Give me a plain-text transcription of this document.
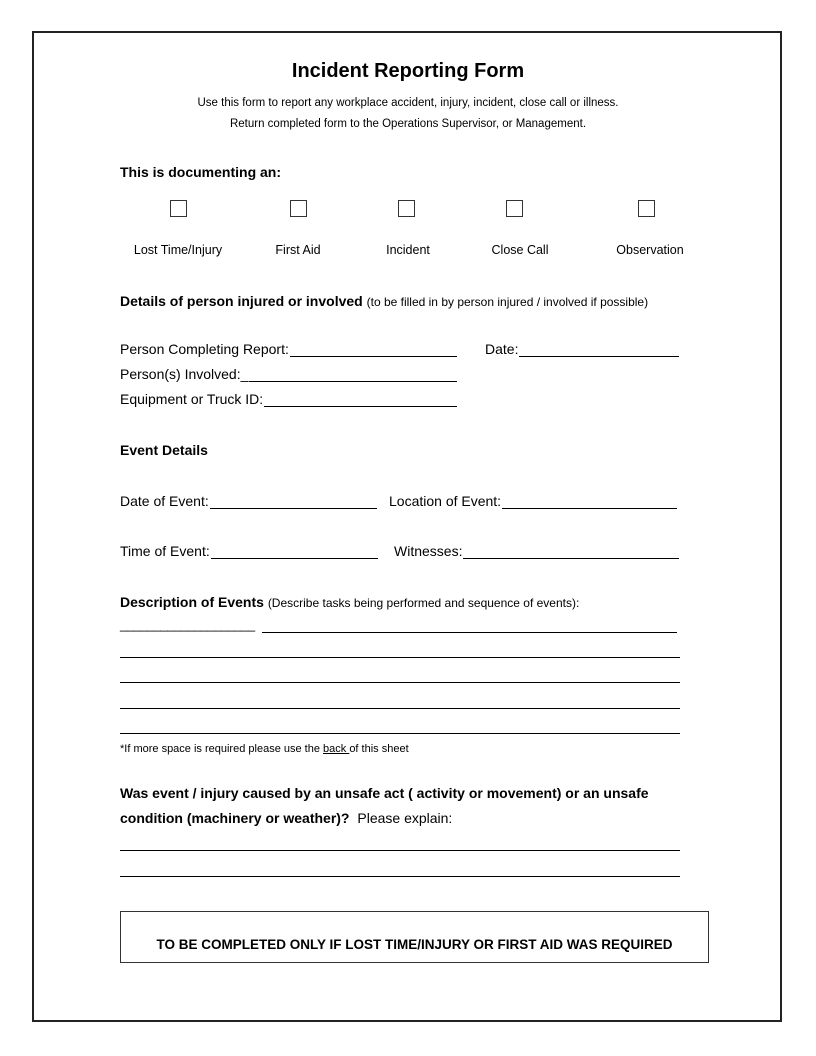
Incident Reporting Form
Use this form to report any workplace accident, injury, incident, close call or illness.
Return completed form to the Operations Supervisor, or Management.
This is documenting an:
Lost Time/Injury	First Aid	Incident	Close Call	Observation
Details of person injured or involved (to be filled in by person injured / involved if possible)
Person Completing Report:	Date:
Person(s) Involved:_
Equipment or Truck ID:
Event Details
Date of Event:	Location of Event:
Time of Event:	Witnesses:
Description of Events (Describe tasks being performed and sequence of events):
____________________
*If more space is required please use the back of this sheet
Was event / injury caused by an unsafe act ( activity or movement) or an unsafe
condition (machinery or weather)? Please explain:
TO BE COMPLETED ONLY IF LOST TIME/INJURY OR FIRST AID WAS REQUIRED
